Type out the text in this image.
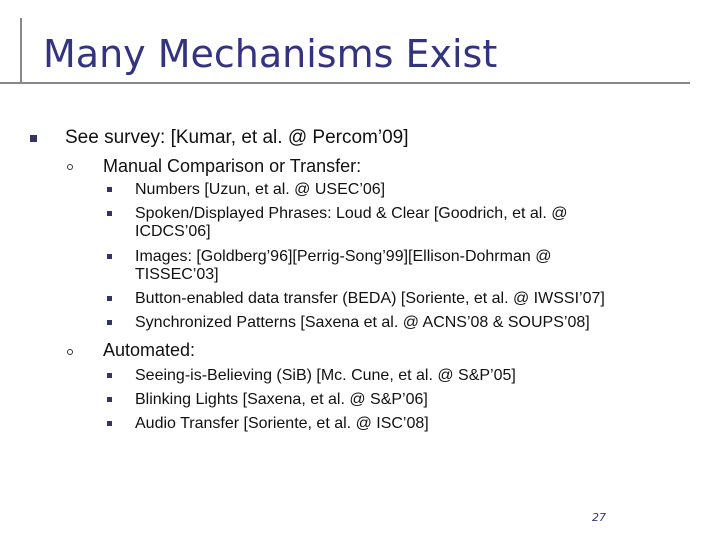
Many Mechanisms Exist
See survey: [Kumar, et al. @ Percom’09]
Manual Comparison or Transfer:
Numbers [Uzun, et al. @ USEC’06]
Spoken/Displayed Phrases: Loud & Clear [Goodrich, et al. @
ICDCS’06]
Images: [Goldberg’96][Perrig-Song’99][Ellison-Dohrman @
TISSEC’03]
Button-enabled data transfer (BEDA) [Soriente, et al. @ IWSSI’07]
Synchronized Patterns [Saxena et al. @ ACNS’08 & SOUPS’08]
Automated:
Seeing-is-Believing (SiB) [Mc. Cune, et al. @ S&P’05]
Blinking Lights [Saxena, et al. @ S&P’06]
Audio Transfer [Soriente, et al. @ ISC’08]
27
